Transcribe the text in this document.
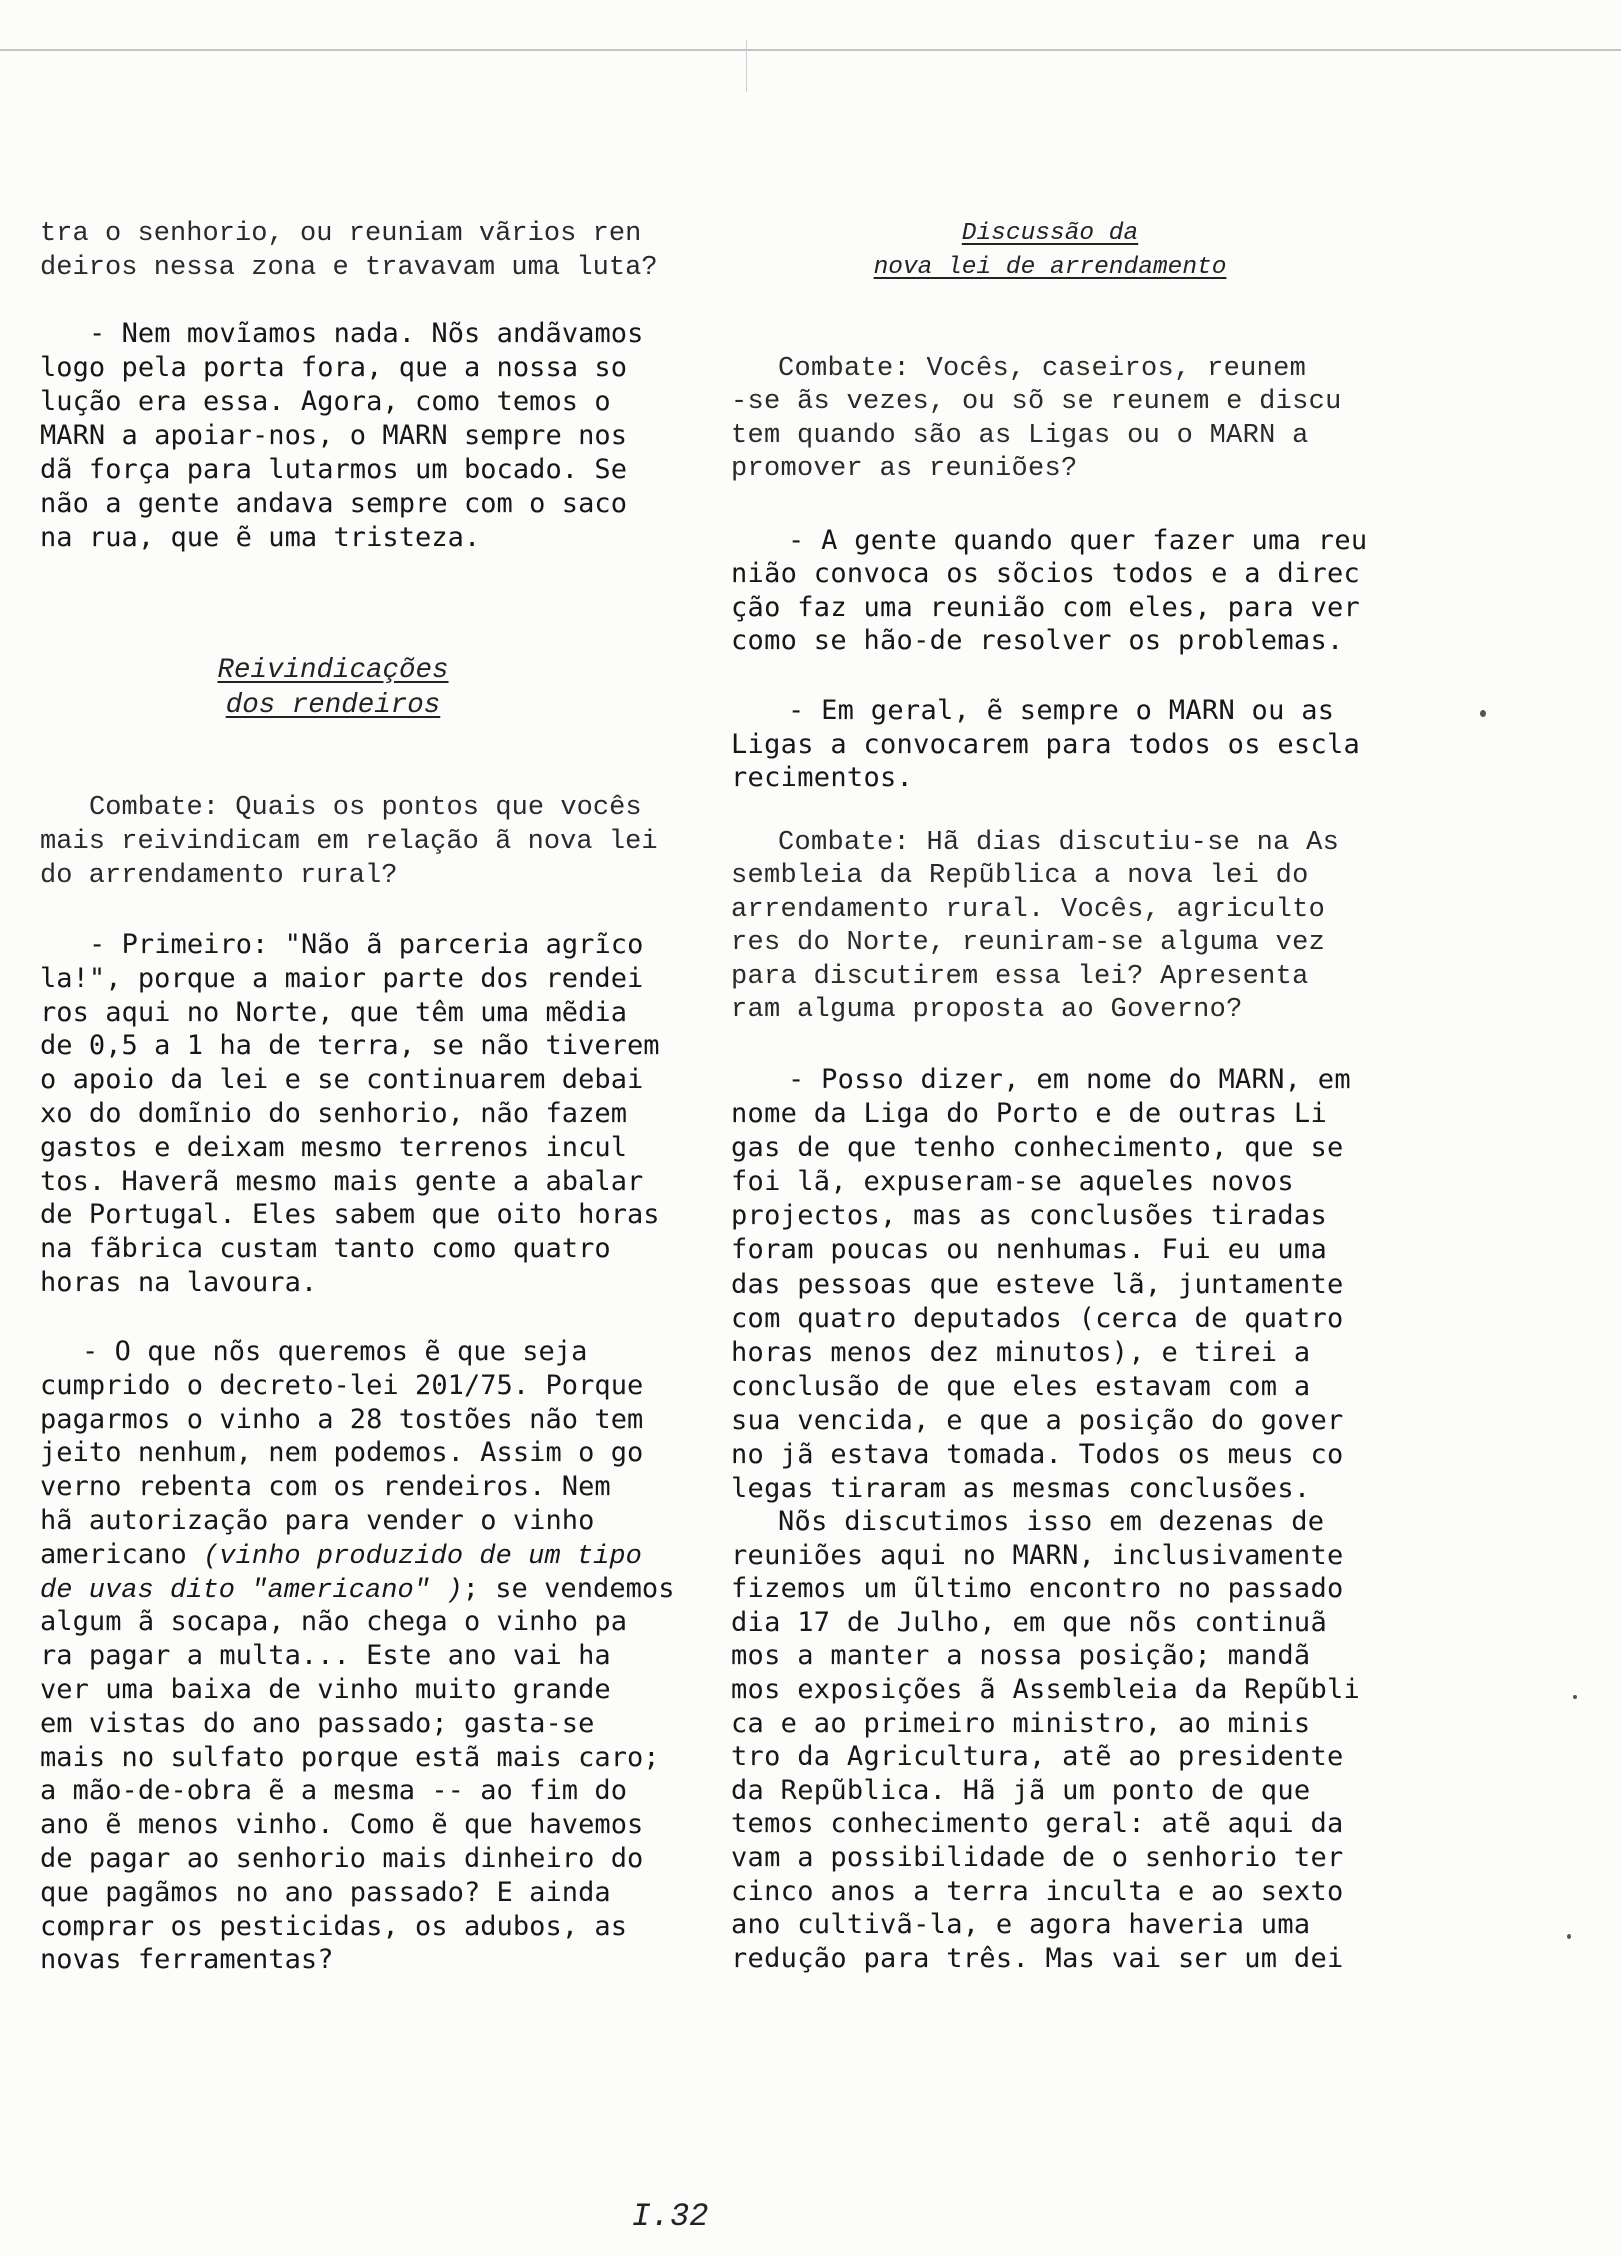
tra o senhorio, ou reuniam vãrios ren
deiros nessa zona e travavam uma luta?
- Nem movĩamos nada. Nõs andãvamos
logo pela porta fora, que a nossa so
lução era essa. Agora, como temos o
MARN a apoiar-nos, o MARN sempre nos
dã força para lutarmos um bocado. Se
não a gente andava sempre com o saco
na rua, que ẽ uma tristeza.
Reivindicações
dos rendeiros
Combate: Quais os pontos que vocês
mais reivindicam em relação ã nova lei
do arrendamento rural?
- Primeiro: "Não ã parceria agrĩco
la!", porque a maior parte dos rendei
ros aqui no Norte, que têm uma mẽdia
de 0,5 a 1 ha de terra, se não tiverem
o apoio da lei e se continuarem debai
xo do domĩnio do senhorio, não fazem
gastos e deixam mesmo terrenos incul
tos. Haverã mesmo mais gente a abalar
de Portugal. Eles sabem que oito horas
na fãbrica custam tanto como quatro
horas na lavoura.
- O que nõs queremos ẽ que seja
cumprido o decreto-lei 201/75. Porque
pagarmos o vinho a 28 tostões não tem
jeito nenhum, nem podemos. Assim o go
verno rebenta com os rendeiros. Nem
hã autorização para vender o vinho
americano (vinho produzido de um tipo
de uvas dito "americano" ); se vendemos
algum ã socapa, não chega o vinho pa
ra pagar a multa... Este ano vai ha
ver uma baixa de vinho muito grande
em vistas do ano passado; gasta-se
mais no sulfato porque estã mais caro;
a mão-de-obra ẽ a mesma -- ao fim do
ano ẽ menos vinho. Como ẽ que havemos
de pagar ao senhorio mais dinheiro do
que pagãmos no ano passado? E ainda
comprar os pesticidas, os adubos, as
novas ferramentas?
Discussão da
nova lei de arrendamento
Combate: Vocês, caseiros, reunem
-se ãs vezes, ou sõ se reunem e discu
tem quando são as Ligas ou o MARN a
promover as reuniões?
- A gente quando quer fazer uma reu
nião convoca os sõcios todos e a direc
ção faz uma reunião com eles, para ver
como se hão-de resolver os problemas.
- Em geral, ẽ sempre o MARN ou as
Ligas a convocarem para todos os escla
recimentos.
Combate: Hã dias discutiu-se na As
sembleia da Repũblica a nova lei do
arrendamento rural. Vocês, agriculto
res do Norte, reuniram-se alguma vez
para discutirem essa lei? Apresenta
ram alguma proposta ao Governo?
- Posso dizer, em nome do MARN, em
nome da Liga do Porto e de outras Li
gas de que tenho conhecimento, que se
foi lã, expuseram-se aqueles novos
projectos, mas as conclusões tiradas
foram poucas ou nenhumas. Fui eu uma
das pessoas que esteve lã, juntamente
com quatro deputados (cerca de quatro
horas menos dez minutos), e tirei a
conclusão de que eles estavam com a
sua vencida, e que a posição do gover
no jã estava tomada. Todos os meus co
legas tiraram as mesmas conclusões.
Nõs discutimos isso em dezenas de
reuniões aqui no MARN, inclusivamente
fizemos um ũltimo encontro no passado
dia 17 de Julho, em que nõs continuã
mos a manter a nossa posição; mandã
mos exposições ã Assembleia da Repũbli
ca e ao primeiro ministro, ao minis
tro da Agricultura, atẽ ao presidente
da Repũblica. Hã jã um ponto de que
temos conhecimento geral: atẽ aqui da
vam a possibilidade de o senhorio ter
cinco anos a terra inculta e ao sexto
ano cultivã-la, e agora haveria uma
redução para três. Mas vai ser um dei
I.32
